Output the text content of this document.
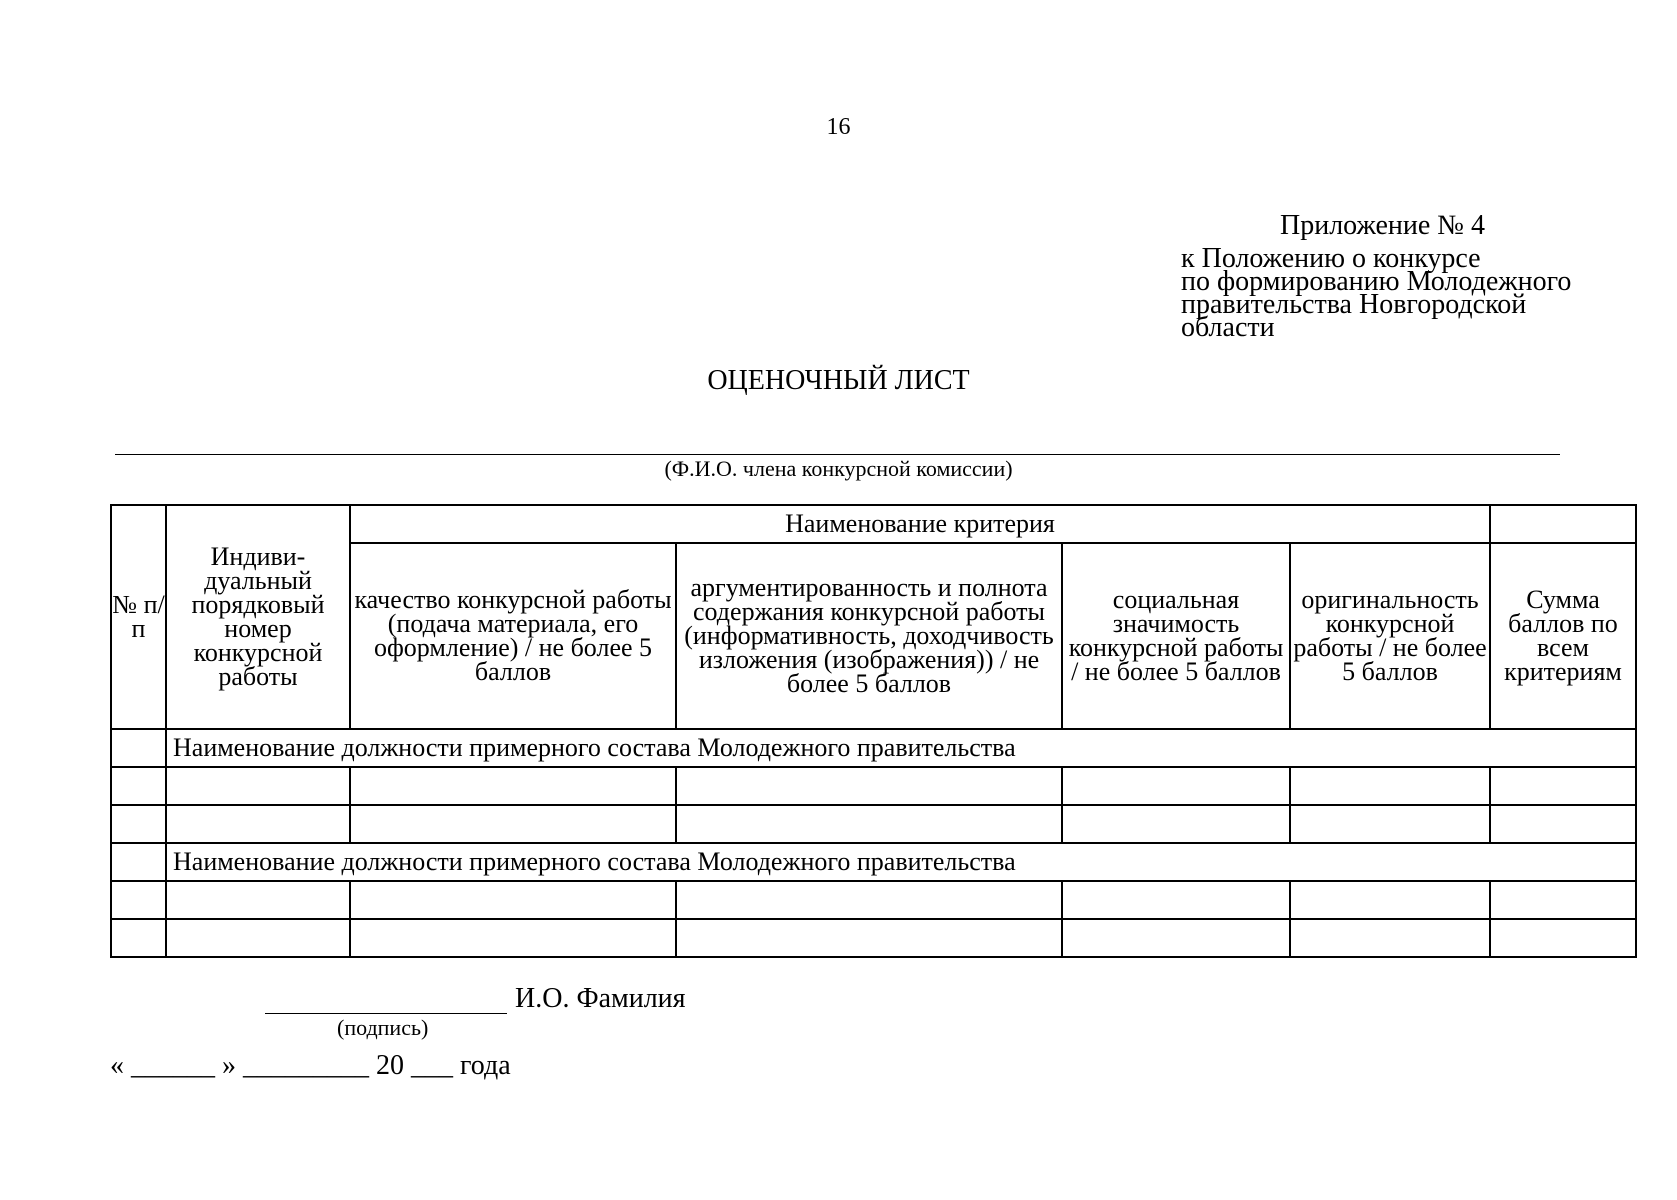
16
Приложение № 4
к Положению о конкурсе
по формированию Молодежного
правительства Новгородской
области
ОЦЕНОЧНЫЙ ЛИСТ
(Ф.И.О. члена конкурсной комиссии)
№ п/п	Индиви-дуальный порядковый номер конкурсной работы	Наименование критерия				
		качество конкурсной работы (подача материала, его оформление) / не более 5 баллов	аргументированность и полнота содержания конкурсной работы (информативность, доходчивость изложения (изображения)) / не более 5 баллов	социальная значимость конкурсной работы / не более 5 баллов	оригинальность конкурсной работы / не более 5 баллов	Сумма баллов по всем критериям
	Наименование должности примерного состава Молодежного правительства					

	Наименование должности примерного состава Молодежного правительства					

И.О. Фамилия
(подпись)
« ______ » _________ 20 ___ года
